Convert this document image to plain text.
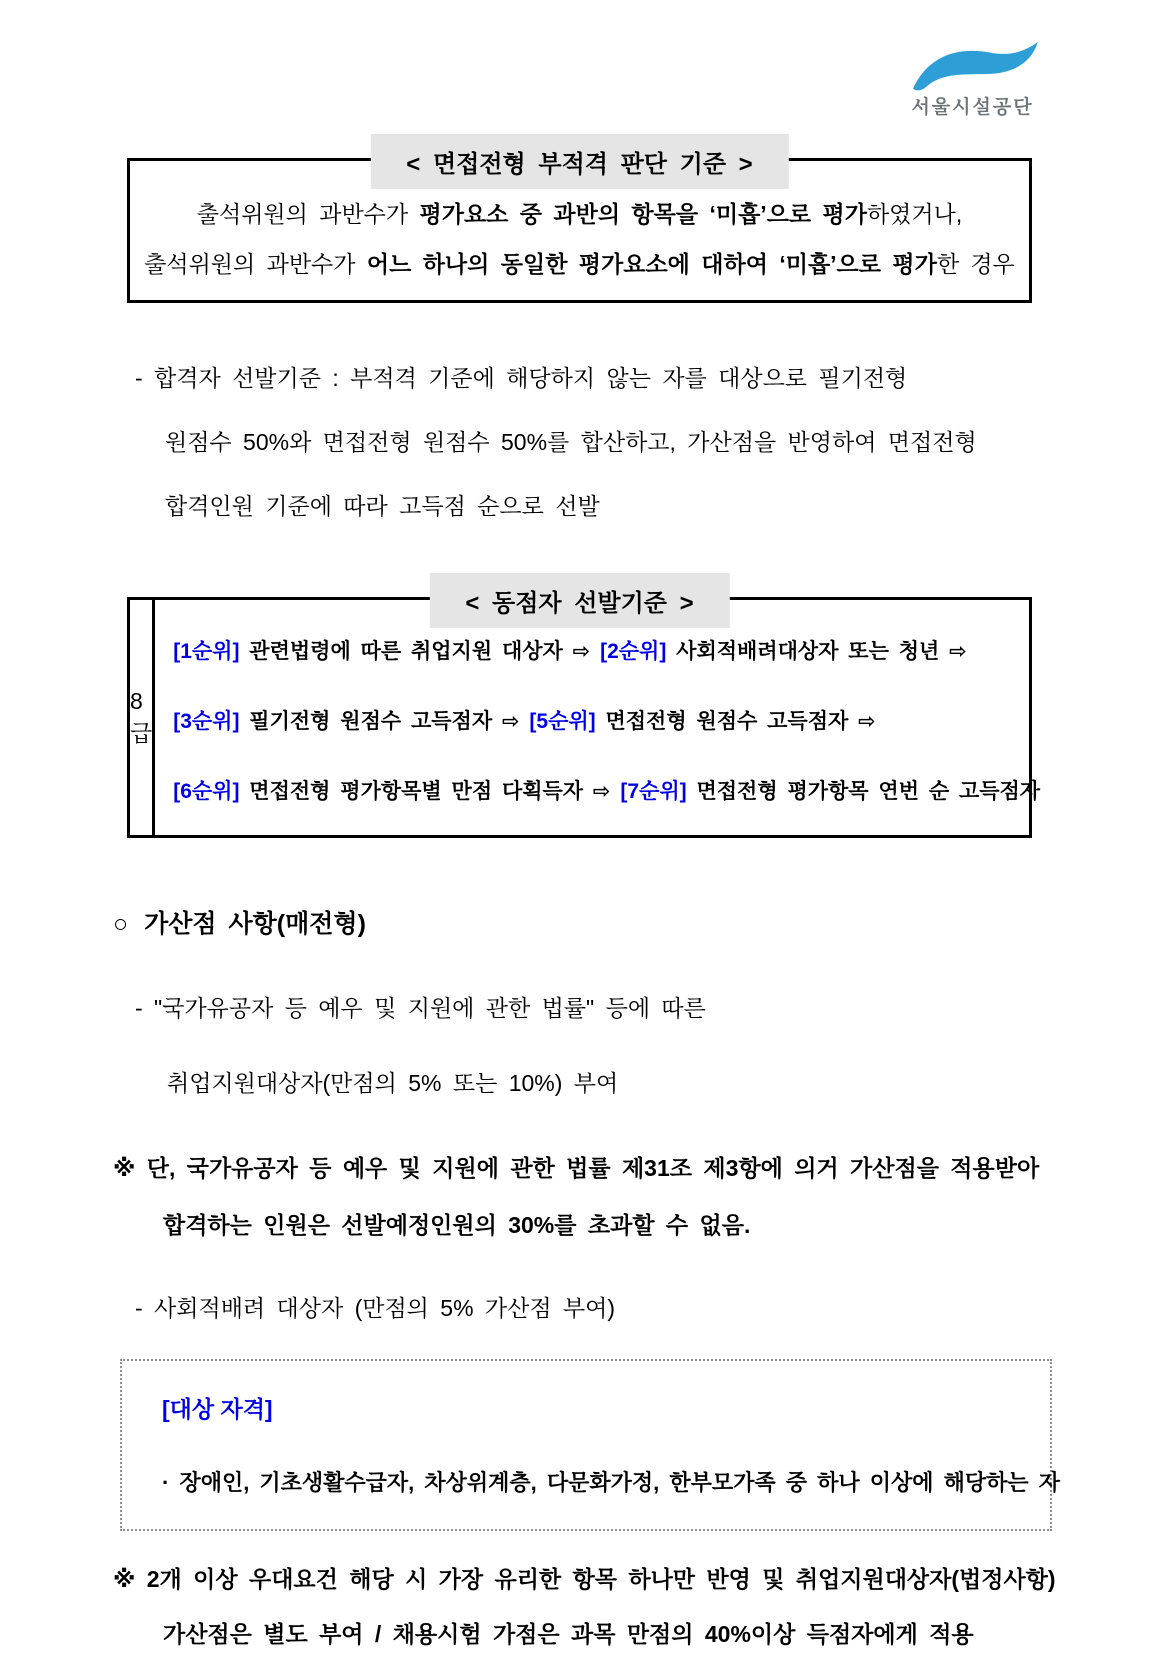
서울시설공단
< 면접전형 부적격 판단 기준 >
출석위원의 과반수가 평가요소 중 과반의 항목을 ‘미흡’으로 평가하였거나,
출석위원의 과반수가 어느 하나의 동일한 평가요소에 대하여 ‘미흡’으로 평가한 경우
- 합격자 선발기준 : 부적격 기준에 해당하지 않는 자를 대상으로 필기전형
원점수 50%와 면접전형 원점수 50%를 합산하고, 가산점을 반영하여 면접전형
합격인원 기준에 따라 고득점 순으로 선발
< 동점자 선발기준 >
8급
[1순위] 관련법령에 따른 취업지원 대상자 ⇨ [2순위] 사회적배려대상자 또는 청년 ⇨
[3순위] 필기전형 원점수 고득점자 ⇨ [5순위] 면접전형 원점수 고득점자 ⇨
[6순위] 면접전형 평가항목별 만점 다획득자 ⇨ [7순위] 면접전형 평가항목 연번 순 고득점자
○ 가산점 사항(매전형)
- "국가유공자 등 예우 및 지원에 관한 법률" 등에 따른
취업지원대상자(만점의 5% 또는 10%) 부여
※ 단, 국가유공자 등 예우 및 지원에 관한 법률 제31조 제3항에 의거 가산점을 적용받아
합격하는 인원은 선발예정인원의 30%를 초과할 수 없음.
- 사회적배려 대상자 (만점의 5% 가산점 부여)
[대상 자격]
· 장애인, 기초생활수급자, 차상위계층, 다문화가정, 한부모가족 중 하나 이상에 해당하는 자
※ 2개 이상 우대요건 해당 시 가장 유리한 항목 하나만 반영 및 취업지원대상자(법정사항)
가산점은 별도 부여 / 채용시험 가점은 과목 만점의 40%이상 득점자에게 적용
